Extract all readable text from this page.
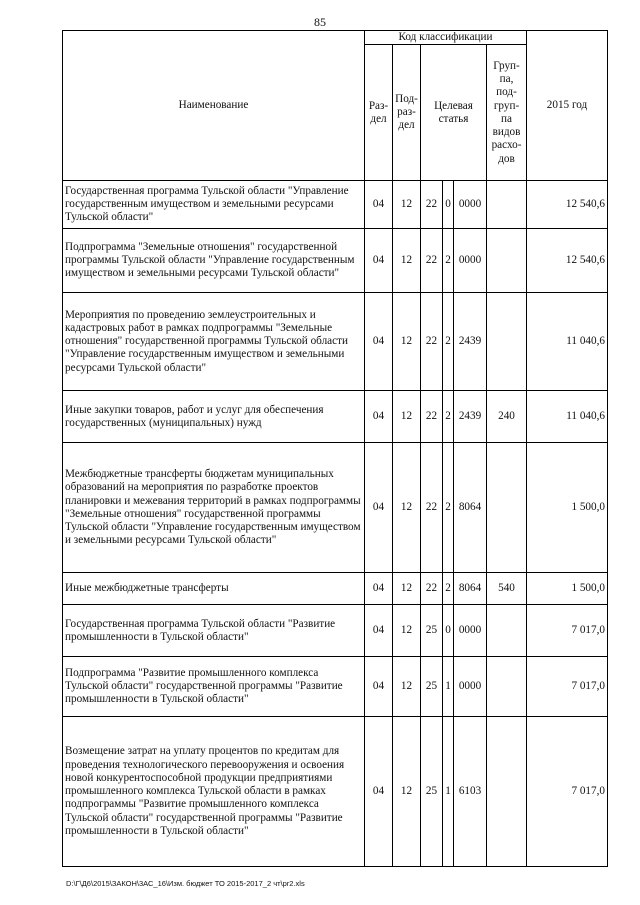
85
Наименование	Код классификации						2015 год
	Раз- дел	Под- раз- дел	Целевая статья			Груп- па, под- груп- па видов расхо- дов	
Государственная программа Тульской области "Управление государственным имуществом и земельными ресурсами Тульской области"	04	12	22	0	0000		12 540,6
Подпрограмма "Земельные отношения" государственной программы Тульской области "Управление государственным имуществом и земельными ресурсами Тульской области"	04	12	22	2	0000		12 540,6
Мероприятия по проведению землеустроительных и кадастровых работ в рамках подпрограммы "Земельные отношения" государственной программы Тульской области "Управление государственным имуществом и земельными ресурсами Тульской области"	04	12	22	2	2439		11 040,6
Иные закупки товаров, работ и услуг для обеспечения государственных (муниципальных) нужд	04	12	22	2	2439	240	11 040,6
Межбюджетные трансферты бюджетам муниципальных образований на мероприятия по разработке проектов планировки и межевания территорий в рамках подпрограммы "Земельные отношения" государственной программы Тульской области "Управление государственным имуществом и земельными ресурсами Тульской области"	04	12	22	2	8064		1 500,0
Иные межбюджетные трансферты	04	12	22	2	8064	540	1 500,0
Государственная программа Тульской области "Развитие промышленности в Тульской области"	04	12	25	0	0000		7 017,0
Подпрограмма "Развитие промышленного комплекса Тульской области" государственной программы "Развитие промышленности в Тульской области"	04	12	25	1	0000		7 017,0
Возмещение затрат на уплату процентов по кредитам для проведения технологического перевооружения и освоения новой конкурентоспособной продукции предприятиями промышленного комплекса Тульской области в рамках подпрограммы "Развитие промышленного комплекса Тульской области" государственной программы "Развитие промышленности в Тульской области"	04	12	25	1	6103		7 017,0
D:\Г\Д6\2015\ЗАКОН\3АС_16\Изм. бюджет ТО 2015-2017_2 чт\pr2.xls
